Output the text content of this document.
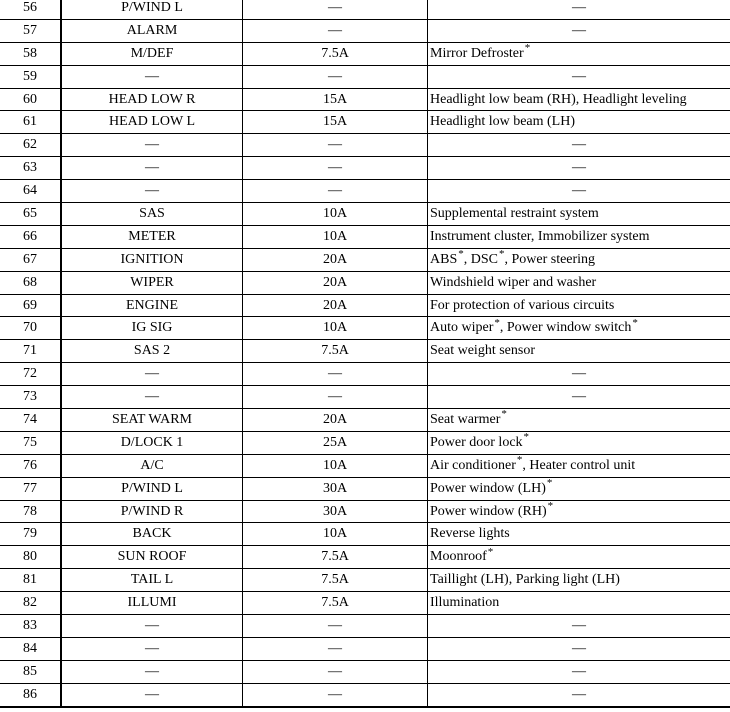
56	P/WIND L	—	—
57	ALARM	—	—
58	M/DEF	7.5A	Mirror Defroster*
59	—	—	—
60	HEAD LOW R	15A	Headlight low beam (RH), Headlight leveling
61	HEAD LOW L	15A	Headlight low beam (LH)
62	—	—	—
63	—	—	—
64	—	—	—
65	SAS	10A	Supplemental restraint system
66	METER	10A	Instrument cluster, Immobilizer system
67	IGNITION	20A	ABS*, DSC*, Power steering
68	WIPER	20A	Windshield wiper and washer
69	ENGINE	20A	For protection of various circuits
70	IG SIG	10A	Auto wiper*, Power window switch*
71	SAS 2	7.5A	Seat weight sensor
72	—	—	—
73	—	—	—
74	SEAT WARM	20A	Seat warmer*
75	D/LOCK 1	25A	Power door lock*
76	A/C	10A	Air conditioner*, Heater control unit
77	P/WIND L	30A	Power window (LH)*
78	P/WIND R	30A	Power window (RH)*
79	BACK	10A	Reverse lights
80	SUN ROOF	7.5A	Moonroof*
81	TAIL L	7.5A	Taillight (LH), Parking light (LH)
82	ILLUMI	7.5A	Illumination
83	—	—	—
84	—	—	—
85	—	—	—
86	—	—	—
